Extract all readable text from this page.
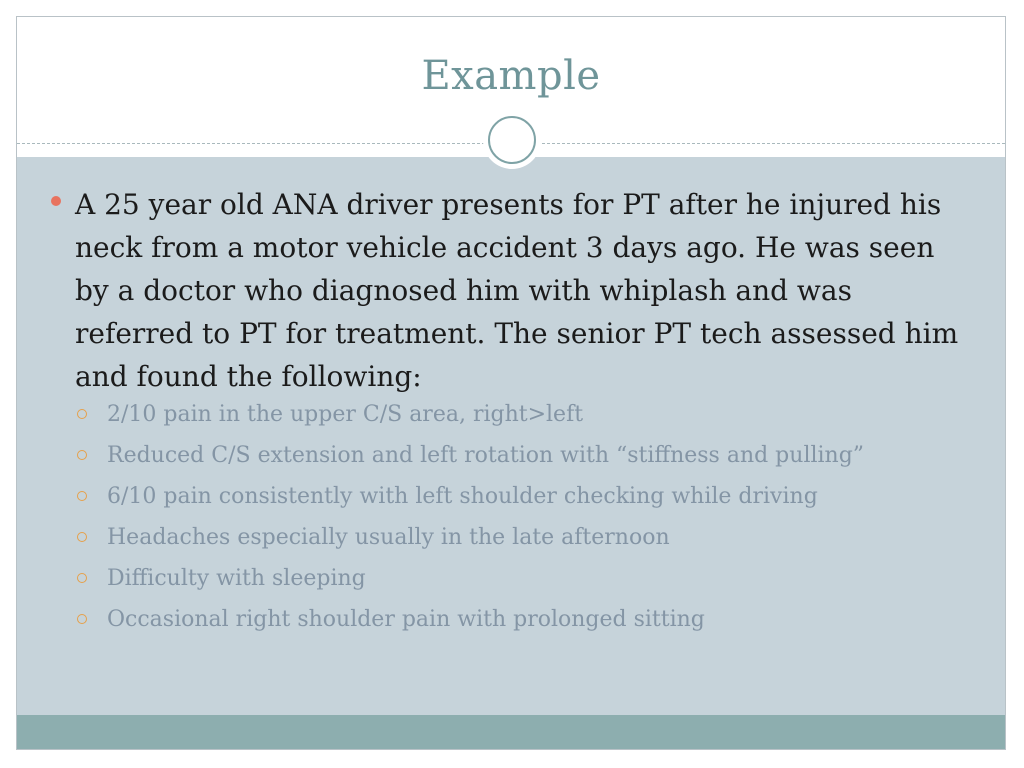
Example
A 25 year old ANA driver presents for PT after he injured his neck from a motor vehicle accident 3 days ago. He was seen by a doctor who diagnosed him with whiplash and was referred to PT for treatment. The senior PT tech assessed him and found the following:
2/10 pain in the upper C/S area, right>left
Reduced C/S extension and left rotation with “stiffness and pulling”
6/10 pain consistently with left shoulder checking while driving
Headaches especially usually in the late afternoon
Difficulty with sleeping
Occasional right shoulder pain with prolonged sitting
